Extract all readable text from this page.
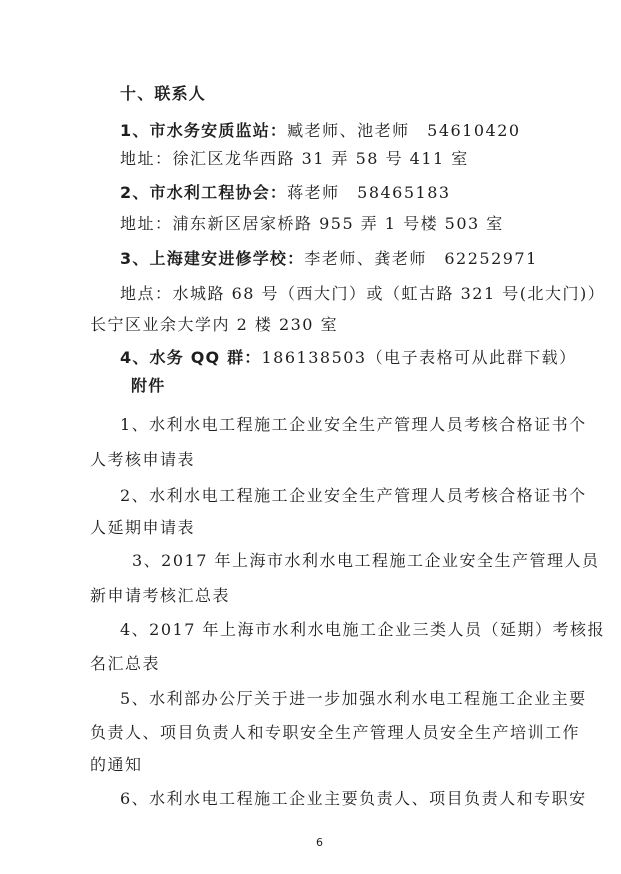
十、联系人
1、市水务安质监站：臧老师、池老师　54610420
地址：徐汇区龙华西路 31 弄 58 号 411 室
2、市水利工程协会：蒋老师　58465183
地址：浦东新区居家桥路 955 弄 1 号楼 503 室
3、上海建安进修学校：李老师、龚老师　62252971
地点：水城路 68 号（西大门）或（虹古路 321 号(北大门)）
长宁区业余大学内 2 楼 230 室
4、水务 QQ 群：186138503（电子表格可从此群下载）
附件
1、水利水电工程施工企业安全生产管理人员考核合格证书个
人考核申请表
2、水利水电工程施工企业安全生产管理人员考核合格证书个
人延期申请表
3、2017 年上海市水利水电工程施工企业安全生产管理人员
新申请考核汇总表
4、2017 年上海市水利水电施工企业三类人员（延期）考核报
名汇总表
5、水利部办公厅关于进一步加强水利水电工程施工企业主要
负责人、项目负责人和专职安全生产管理人员安全生产培训工作
的通知
6、水利水电工程施工企业主要负责人、项目负责人和专职安
6
